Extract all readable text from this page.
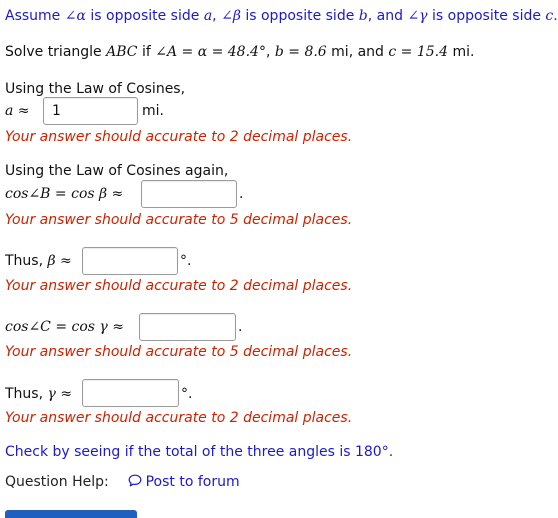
Assume ∠α is opposite side a, ∠β is opposite side b, and ∠γ is opposite side c.
Solve triangle ABC if ∠A = α = 48.4°, b = 8.6 mi, and c = 15.4 mi.
Using the Law of Cosines,
a ≈
1	mi.
Your answer should accurate to 2 decimal places.
Using the Law of Cosines again,
cos∠B = cos β ≈	.
Your answer should accurate to 5 decimal places.
Thus, β ≈	°.
Your answer should accurate to 2 decimal places.
cos∠C = cos γ ≈	.
Your answer should accurate to 5 decimal places.
Thus, γ ≈	°.
Your answer should accurate to 2 decimal places.
Check by seeing if the total of the three angles is 180°.
Question Help:	Post to forum
